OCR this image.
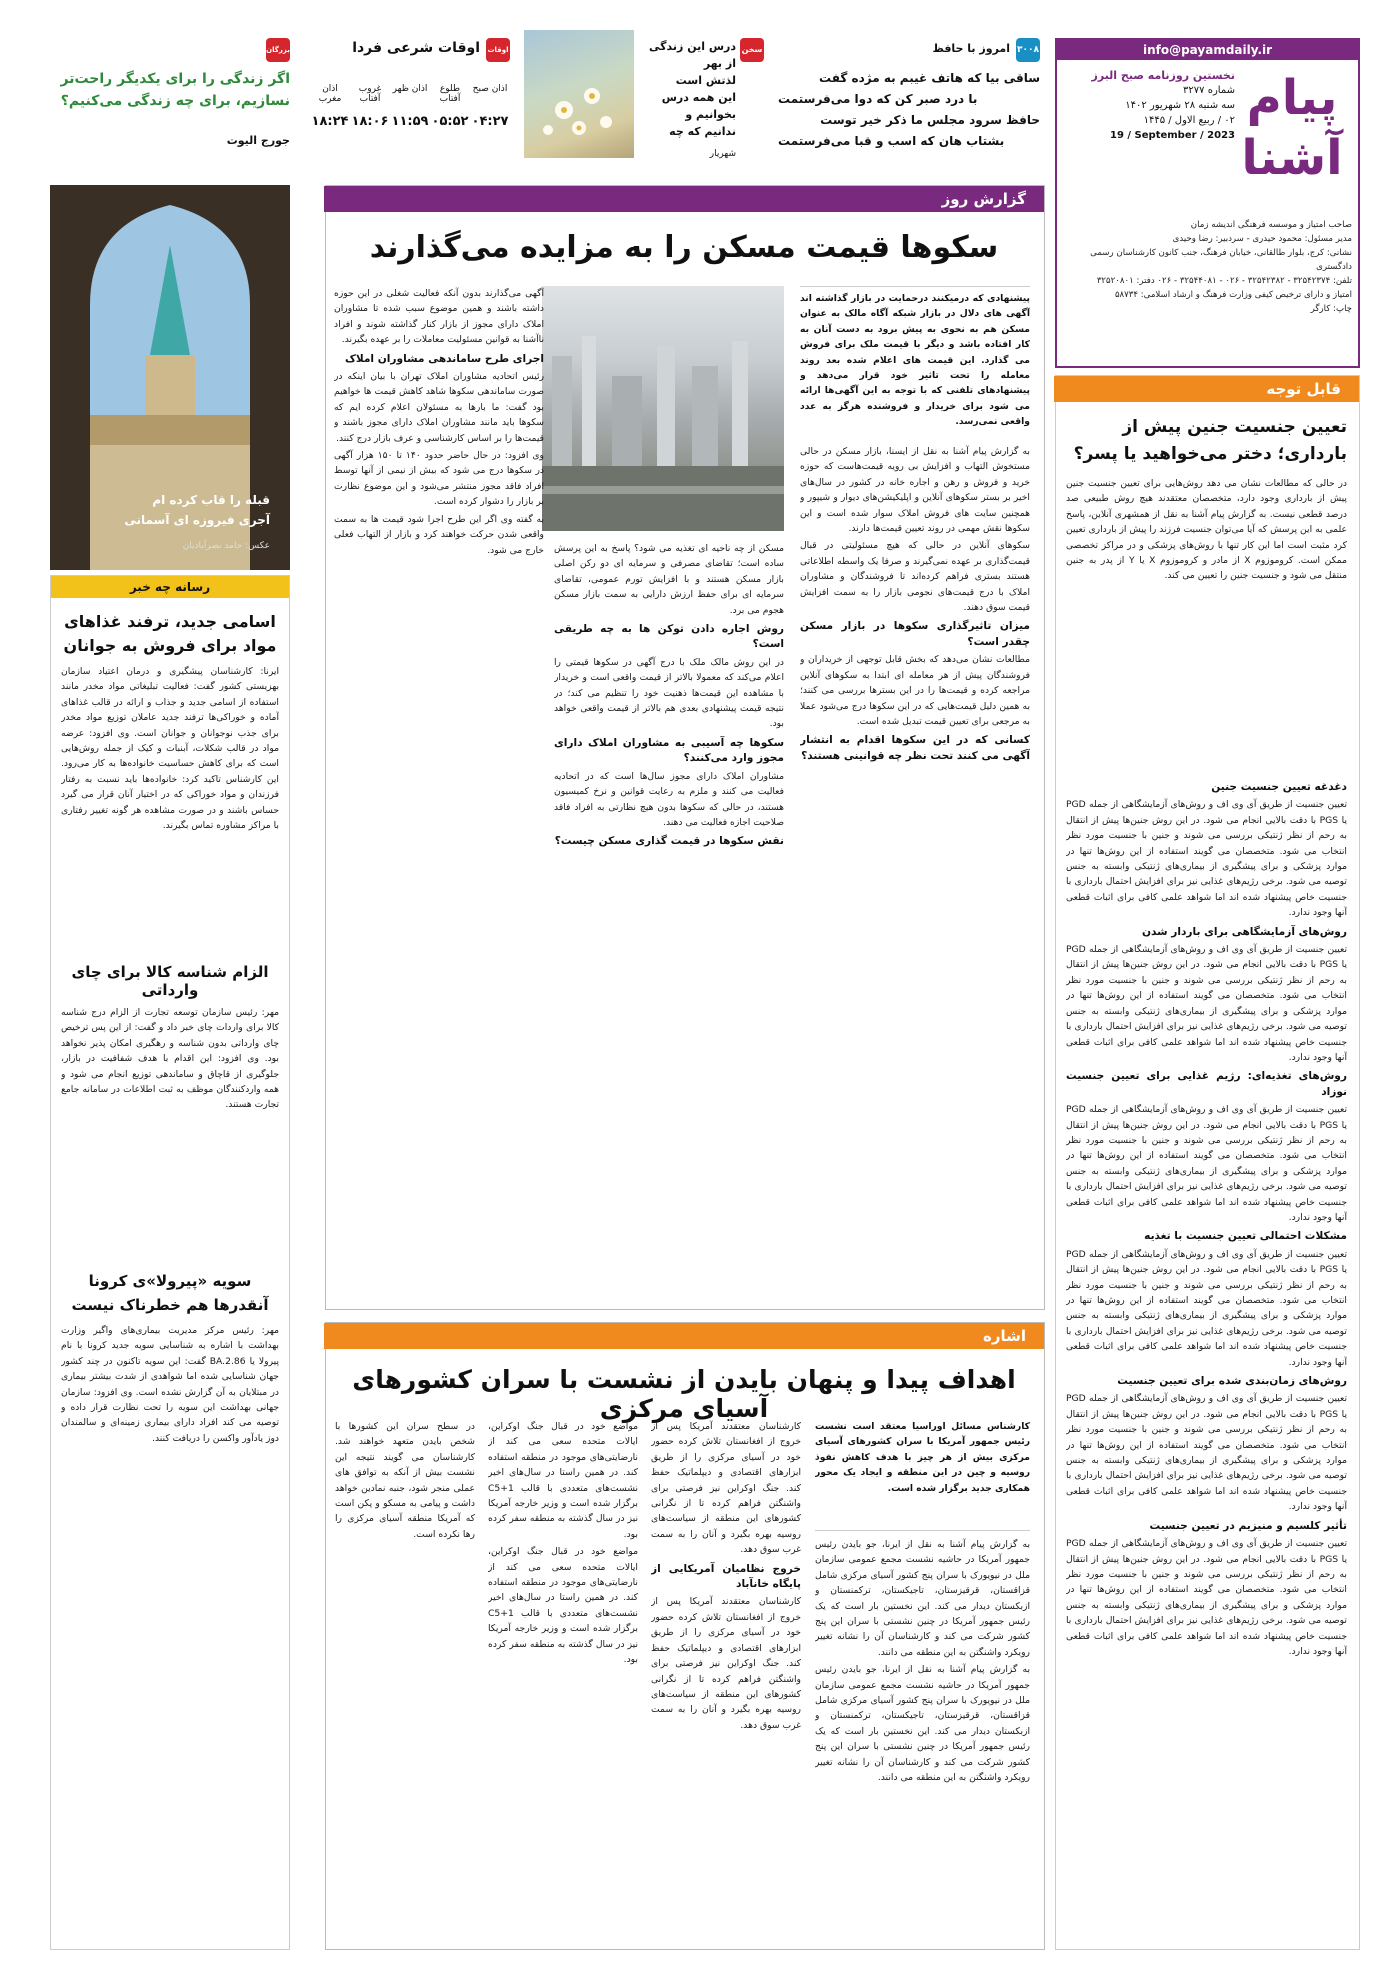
info@payamdaily.ir
پیام آشنا
نخستین روزنامه صبح البرز
شماره ۳۲۷۷
سه شنبه ۲۸ شهریور ۱۴۰۲
۰۲ / ربیع الاول / ۱۴۴۵
19 / September / 2023
صاحب امتیاز و موسسه فرهنگی اندیشه زمان
مدیر مسئول: محمود حیدری - سردبیر: رضا وحیدی
نشانی: کرج، بلوار طالقانی، خیابان فرهنگ، جنب کانون کارشناسان رسمی
دادگستری
تلفن: ۳۲۵۴۲۳۷۴ - ۳۲۵۴۲۳۸۲ - ۰۲۶ - ۳۲۵۴۴۰۸۱ - ۰۲۶ دفتر: ۳۲۵۲۰۸۰۱
امتیاز و دارای ترخیص کیفی وزارت فرهنگ و ارشاد اسلامی: ۵۸۷۳۴
چاپ: کارگر
۳۰۰۸
امروز با حافظ
ساقی بیا که هاتف غیبم به مژده گفت
با درد صبر کن که دوا می‌فرستمت
حافظ سرود مجلس ما ذکر خیر توست
بشتاب هان که اسب و قبا می‌فرستمت
سخن
درس این زندگی از بهر
لذتش است
این همه درس بخوانیم و
ندانیم که چه
شهریار
اوقات
اوقات شرعی فردا
اذان صبح
طلوع آفتاب
اذان ظهر
غروب آفتاب
اذان مغرب
۰۴:۲۷
۰۵:۵۲
۱۱:۵۹
۱۸:۰۶
۱۸:۲۴
بزرگان
اگر زندگی را برای یکدیگر راحت‌تر نسازیم، برای چه زندگی می‌کنیم؟
جورج الیوت
قبله را قاب کرده ام
آجری فیروزه ای آسمانی
عکس: حامد نصرآبادیان
رسانه چه خبر
اسامی جدید، ترفند غذاهای مواد برای فروش به جوانان
ایرنا: کارشناسان پیشگیری و درمان اعتیاد سازمان بهزیستی کشور گفت: فعالیت تبلیغاتی مواد مخدر مانند استفاده از اسامی جدید و جذاب و ارائه در قالب غذاهای آماده و خوراکی‌ها ترفند جدید عاملان توزیع مواد مخدر برای جذب نوجوانان و جوانان است. وی افزود: عرضه مواد در قالب شکلات، آبنبات و کیک از جمله روش‌هایی است که برای کاهش حساسیت خانواده‌ها به کار می‌رود. این کارشناس تاکید کرد: خانواده‌ها باید نسبت به رفتار فرزندان و مواد خوراکی که در اختیار آنان قرار می گیرد حساس باشند و در صورت مشاهده هر گونه تغییر رفتاری با مراکز مشاوره تماس بگیرند.
الزام شناسه کالا برای چای وارداتی
مهر: رئیس سازمان توسعه تجارت از الزام درج شناسه کالا برای واردات چای خبر داد و گفت: از این پس ترخیص چای وارداتی بدون شناسه و رهگیری امکان پذیر نخواهد بود. وی افزود: این اقدام با هدف شفافیت در بازار، جلوگیری از قاچاق و ساماندهی توزیع انجام می شود و همه واردکنندگان موظف به ثبت اطلاعات در سامانه جامع تجارت هستند.
سویه «پیرولا»ی کرونا آنقدرها هم خطرناک نیست
مهر: رئیس مرکز مدیریت بیماری‌های واگیر وزارت بهداشت با اشاره به شناسایی سویه جدید کرونا با نام پیرولا یا BA.2.86 گفت: این سویه تاکنون در چند کشور جهان شناسایی شده اما شواهدی از شدت بیشتر بیماری در مبتلایان به آن گزارش نشده است. وی افزود: سازمان جهانی بهداشت این سویه را تحت نظارت قرار داده و توصیه می کند افراد دارای بیماری زمینه‌ای و سالمندان دوز یادآور واکسن را دریافت کنند.
گزارش روز
سکوها قیمت مسکن را به مزایده می‌گذارند
پیشنهادی که درمیکنند درحمایت در بازار گذاشته اند آگهی های دلال در بازار شبکه آگاه مالک به عنوان مسکن هم به نحوی به پیش برود به دست آنان به کار افتاده باشد و دیگر با قیمت ملک برای فروش می گذارد. این قیمت های اعلام شده بعد روند معامله را تحت تاثیر خود قرار می‌دهد و پیشنهادهای تلفنی که با توجه به این آگهی‌ها ارائه می شود برای خریدار و فروشنده هرگز به عدد واقعی نمی‌رسد.

به گزارش پیام آشنا به نقل از ایسنا، بازار مسکن در حالی مستخوش التهاب و افزایش بی رویه قیمت‌هاست که حوزه خرید و فروش و رهن و اجاره خانه در کشور در سال‌های اخیر بر بستر سکوهای آنلاین و اپلیکیشن‌های دیوار و شیپور و همچنین سایت های فروش املاک سوار شده است و این سکوها نقش مهمی در روند تعیین قیمت‌ها دارند.

سکوهای آنلاین در حالی که هیچ مسئولیتی در قبال قیمت‌گذاری بر عهده نمی‌گیرند و صرفا یک واسطه اطلاعاتی هستند بستری فراهم کرده‌اند تا فروشندگان و مشاوران املاک با درج قیمت‌های نجومی بازار را به سمت افزایش قیمت سوق دهند.

میزان تاثیرگذاری سکوها در بازار مسکن چقدر است؟

مطالعات نشان می‌دهد که بخش قابل توجهی از خریداران و فروشندگان پیش از هر معامله ای ابتدا به سکوهای آنلاین مراجعه کرده و قیمت‌ها را در این بسترها بررسی می کنند؛ به همین دلیل قیمت‌هایی که در این سکوها درج می‌شود عملا به مرجعی برای تعیین قیمت تبدیل شده است.

کسانی که در این سکوها اقدام به انتشار آگهی می کنند تحت نظر چه قوانینی هستند؟

مسکن از چه ناحیه ای تغذیه می شود؟ پاسخ به این پرسش ساده است؛ تقاضای مصرفی و سرمایه ای دو رکن اصلی بازار مسکن هستند و با افزایش تورم عمومی، تقاضای سرمایه ای برای حفظ ارزش دارایی به سمت بازار مسکن هجوم می برد.

روش اجاره دادن توکن ها به چه طریقی است؟

در این روش مالک ملک با درج آگهی در سکوها قیمتی را اعلام می‌کند که معمولا بالاتر از قیمت واقعی است و خریدار با مشاهده این قیمت‌ها ذهنیت خود را تنظیم می کند؛ در نتیجه قیمت پیشنهادی بعدی هم بالاتر از قیمت واقعی خواهد بود.

سکوها چه آسیبی به مشاوران املاک دارای مجوز وارد می‌کنند؟

مشاوران املاک دارای مجوز سال‌ها است که در اتحادیه فعالیت می کنند و ملزم به رعایت قوانین و نرخ کمیسیون هستند، در حالی که سکوها بدون هیچ نظارتی به افراد فاقد صلاحیت اجازه فعالیت می دهند.

نقش سکوها در قیمت گذاری مسکن چیست؟

آگهی می‌گذارند بدون آنکه فعالیت شغلی در این حوزه داشته باشند و همین موضوع سبب شده تا مشاوران املاک دارای مجوز از بازار کنار گذاشته شوند و افراد ناآشنا به قوانین مسئولیت معاملات را بر عهده بگیرند.

اجرای طرح ساماندهی مشاوران املاک

رئیس اتحادیه مشاوران املاک تهران با بیان اینکه در صورت ساماندهی سکوها شاهد کاهش قیمت ها خواهیم بود گفت: ما بارها به مسئولان اعلام کرده ایم که سکوها باید مانند مشاوران املاک دارای مجوز باشند و قیمت‌ها را بر اساس کارشناسی و عرف بازار درج کنند.

وی افزود: در حال حاضر حدود ۱۴۰ تا ۱۵۰ هزار آگهی در سکوها درج می شود که بیش از نیمی از آنها توسط افراد فاقد مجوز منتشر می‌شود و این موضوع نظارت بر بازار را دشوار کرده است.

به گفته وی اگر این طرح اجرا شود قیمت ها به سمت واقعی شدن حرکت خواهند کرد و بازار از التهاب فعلی خارج می شود.

قابل توجه
تعیین جنسیت جنین پیش از بارداری؛ دختر می‌خواهید یا پسر؟
در حالی که مطالعات نشان می دهد روش‌هایی برای تعیین جنسیت جنین پیش از بارداری وجود دارد، متخصصان معتقدند هیچ روش طبیعی صد درصد قطعی نیست. به گزارش پیام آشنا به نقل از همشهری آنلاین، پاسخ علمی به این پرسش که آیا می‌توان جنسیت فرزند را پیش از بارداری تعیین کرد مثبت است اما این کار تنها با روش‌های پزشکی و در مراکز تخصصی ممکن است. کروموزوم X از مادر و کروموزوم X یا Y از پدر به جنین منتقل می شود و جنسیت جنین را تعیین می کند.
دغدغه تعیین جنسیت جنین

تعیین جنسیت از طریق آی وی اف و روش‌های آزمایشگاهی از جمله PGD یا PGS با دقت بالایی انجام می شود. در این روش جنین‌ها پیش از انتقال به رحم از نظر ژنتیکی بررسی می شوند و جنین با جنسیت مورد نظر انتخاب می شود. متخصصان می گویند استفاده از این روش‌ها تنها در موارد پزشکی و برای پیشگیری از بیماری‌های ژنتیکی وابسته به جنس توصیه می شود. برخی رژیم‌های غذایی نیز برای افزایش احتمال بارداری با جنسیت خاص پیشنهاد شده اند اما شواهد علمی کافی برای اثبات قطعی آنها وجود ندارد.

روش‌های آزمایشگاهی برای باردار شدن

تعیین جنسیت از طریق آی وی اف و روش‌های آزمایشگاهی از جمله PGD یا PGS با دقت بالایی انجام می شود. در این روش جنین‌ها پیش از انتقال به رحم از نظر ژنتیکی بررسی می شوند و جنین با جنسیت مورد نظر انتخاب می شود. متخصصان می گویند استفاده از این روش‌ها تنها در موارد پزشکی و برای پیشگیری از بیماری‌های ژنتیکی وابسته به جنس توصیه می شود. برخی رژیم‌های غذایی نیز برای افزایش احتمال بارداری با جنسیت خاص پیشنهاد شده اند اما شواهد علمی کافی برای اثبات قطعی آنها وجود ندارد.

روش‌های تغذیه‌ای: رژیم غذایی برای تعیین جنسیت نوزاد

تعیین جنسیت از طریق آی وی اف و روش‌های آزمایشگاهی از جمله PGD یا PGS با دقت بالایی انجام می شود. در این روش جنین‌ها پیش از انتقال به رحم از نظر ژنتیکی بررسی می شوند و جنین با جنسیت مورد نظر انتخاب می شود. متخصصان می گویند استفاده از این روش‌ها تنها در موارد پزشکی و برای پیشگیری از بیماری‌های ژنتیکی وابسته به جنس توصیه می شود. برخی رژیم‌های غذایی نیز برای افزایش احتمال بارداری با جنسیت خاص پیشنهاد شده اند اما شواهد علمی کافی برای اثبات قطعی آنها وجود ندارد.

مشکلات احتمالی تعیین جنسیت با تغذیه

تعیین جنسیت از طریق آی وی اف و روش‌های آزمایشگاهی از جمله PGD یا PGS با دقت بالایی انجام می شود. در این روش جنین‌ها پیش از انتقال به رحم از نظر ژنتیکی بررسی می شوند و جنین با جنسیت مورد نظر انتخاب می شود. متخصصان می گویند استفاده از این روش‌ها تنها در موارد پزشکی و برای پیشگیری از بیماری‌های ژنتیکی وابسته به جنس توصیه می شود. برخی رژیم‌های غذایی نیز برای افزایش احتمال بارداری با جنسیت خاص پیشنهاد شده اند اما شواهد علمی کافی برای اثبات قطعی آنها وجود ندارد.

روش‌های زمان‌بندی شده برای تعیین جنسیت

تعیین جنسیت از طریق آی وی اف و روش‌های آزمایشگاهی از جمله PGD یا PGS با دقت بالایی انجام می شود. در این روش جنین‌ها پیش از انتقال به رحم از نظر ژنتیکی بررسی می شوند و جنین با جنسیت مورد نظر انتخاب می شود. متخصصان می گویند استفاده از این روش‌ها تنها در موارد پزشکی و برای پیشگیری از بیماری‌های ژنتیکی وابسته به جنس توصیه می شود. برخی رژیم‌های غذایی نیز برای افزایش احتمال بارداری با جنسیت خاص پیشنهاد شده اند اما شواهد علمی کافی برای اثبات قطعی آنها وجود ندارد.

تأثیر کلسیم و منیزیم در تعیین جنسیت

تعیین جنسیت از طریق آی وی اف و روش‌های آزمایشگاهی از جمله PGD یا PGS با دقت بالایی انجام می شود. در این روش جنین‌ها پیش از انتقال به رحم از نظر ژنتیکی بررسی می شوند و جنین با جنسیت مورد نظر انتخاب می شود. متخصصان می گویند استفاده از این روش‌ها تنها در موارد پزشکی و برای پیشگیری از بیماری‌های ژنتیکی وابسته به جنس توصیه می شود. برخی رژیم‌های غذایی نیز برای افزایش احتمال بارداری با جنسیت خاص پیشنهاد شده اند اما شواهد علمی کافی برای اثبات قطعی آنها وجود ندارد.

اشاره
اهداف پیدا و پنهان بایدن از نشست با سران کشورهای آسیای مرکزی
کارشناس مسائل اوراسیا معتقد است نشست رئیس جمهور آمریکا با سران کشورهای آسیای مرکزی بیش از هر چیز با هدف کاهش نفوذ روسیه و چین در این منطقه و ایجاد یک محور همکاری جدید برگزار شده است.

به گزارش پیام آشنا به نقل از ایرنا، جو بایدن رئیس جمهور آمریکا در حاشیه نشست مجمع عمومی سازمان ملل در نیویورک با سران پنج کشور آسیای مرکزی شامل قزاقستان، قرقیزستان، تاجیکستان، ترکمنستان و ازبکستان دیدار می کند. این نخستین بار است که یک رئیس جمهور آمریکا در چنین نشستی با سران این پنج کشور شرکت می کند و کارشناسان آن را نشانه تغییر رویکرد واشنگتن به این منطقه می دانند.

به گزارش پیام آشنا به نقل از ایرنا، جو بایدن رئیس جمهور آمریکا در حاشیه نشست مجمع عمومی سازمان ملل در نیویورک با سران پنج کشور آسیای مرکزی شامل قزاقستان، قرقیزستان، تاجیکستان، ترکمنستان و ازبکستان دیدار می کند. این نخستین بار است که یک رئیس جمهور آمریکا در چنین نشستی با سران این پنج کشور شرکت می کند و کارشناسان آن را نشانه تغییر رویکرد واشنگتن به این منطقه می دانند.

کارشناسان معتقدند آمریکا پس از خروج از افغانستان تلاش کرده حضور خود در آسیای مرکزی را از طریق ابزارهای اقتصادی و دیپلماتیک حفظ کند. جنگ اوکراین نیز فرصتی برای واشنگتن فراهم کرده تا از نگرانی کشورهای این منطقه از سیاست‌های روسیه بهره بگیرد و آنان را به سمت غرب سوق دهد.

خروج نظامیان آمریکایی از پایگاه خانآباد

کارشناسان معتقدند آمریکا پس از خروج از افغانستان تلاش کرده حضور خود در آسیای مرکزی را از طریق ابزارهای اقتصادی و دیپلماتیک حفظ کند. جنگ اوکراین نیز فرصتی برای واشنگتن فراهم کرده تا از نگرانی کشورهای این منطقه از سیاست‌های روسیه بهره بگیرد و آنان را به سمت غرب سوق دهد.

مواضع خود در قبال جنگ اوکراین، ایالات متحده سعی می کند از نارضایتی‌های موجود در منطقه استفاده کند. در همین راستا در سال‌های اخیر نشست‌های متعددی با قالب C5+1 برگزار شده است و وزیر خارجه آمریکا نیز در سال گذشته به منطقه سفر کرده بود.

مواضع خود در قبال جنگ اوکراین، ایالات متحده سعی می کند از نارضایتی‌های موجود در منطقه استفاده کند. در همین راستا در سال‌های اخیر نشست‌های متعددی با قالب C5+1 برگزار شده است و وزیر خارجه آمریکا نیز در سال گذشته به منطقه سفر کرده بود.

در سطح سران این کشورها با شخص بایدن متعهد خواهند شد. کارشناسان می گویند نتیجه این نشست بیش از آنکه به توافق های عملی منجر شود، جنبه نمادین خواهد داشت و پیامی به مسکو و پکن است که آمریکا منطقه آسیای مرکزی را رها نکرده است.
